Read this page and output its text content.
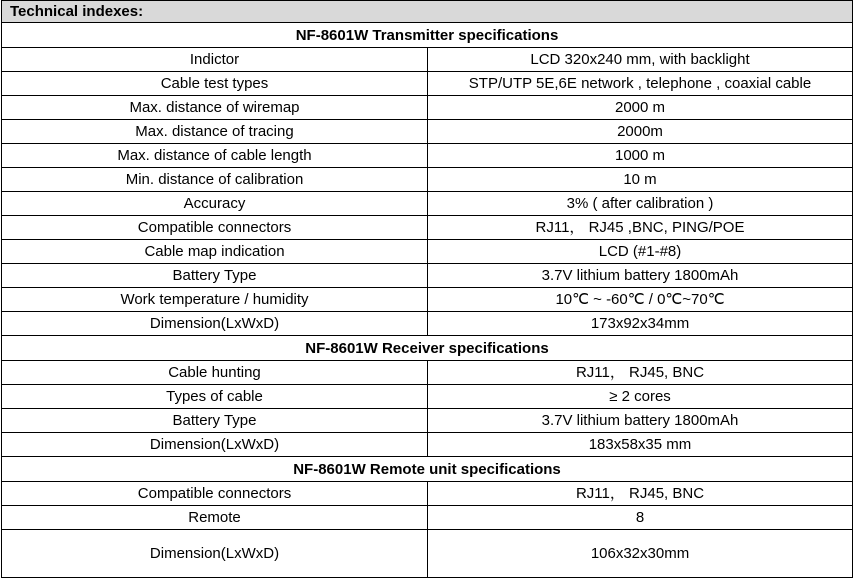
Technical indexes:	
NF-8601W Transmitter specifications	
Indictor	LCD 320x240 mm, with backlight
Cable test types	STP/UTP 5E,6E network , telephone , coaxial cable
Max. distance of wiremap	2000 m
Max. distance of tracing	2000m
Max. distance of cable length	1000 m
Min. distance of calibration	10 m
Accuracy	3% ( after calibration )
Compatible connectors	RJ11， RJ45 ,BNC, PING/POE
Cable map indication	LCD (#1-#8)
Battery Type	3.7V lithium battery 1800mAh
Work temperature / humidity	10℃ ~ -60℃ / 0℃~70℃
Dimension(LxWxD)	173x92x34mm
NF-8601W Receiver specifications	
Cable hunting	RJ11， RJ45, BNC
Types of cable	≥ 2 cores
Battery Type	3.7V lithium battery 1800mAh
Dimension(LxWxD)	183x58x35 mm
NF-8601W Remote unit specifications	
Compatible connectors	RJ11， RJ45, BNC
Remote	8
Dimension(LxWxD)	106x32x30mm
